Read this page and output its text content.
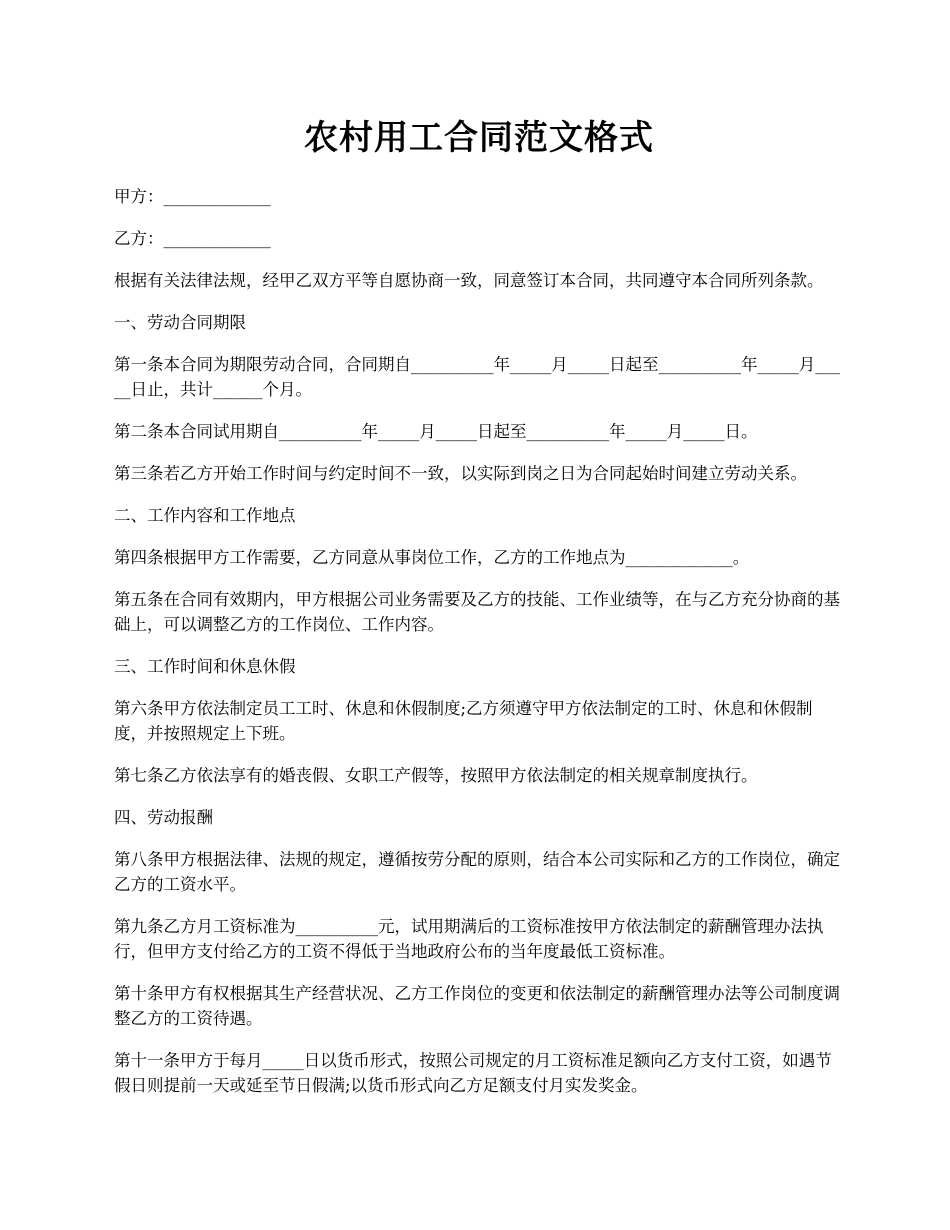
农村用工合同范文格式

甲方：_____________

乙方：_____________

根据有关法律法规，经甲乙双方平等自愿协商一致，同意签订本合同，共同遵守本合同所列条款。

一、劳动合同期限

第一条本合同为期限劳动合同，合同期自__________年_____月_____日起至__________年_____月_____日止，共计______个月。

第二条本合同试用期自__________年_____月_____日起至__________年_____月_____日。

第三条若乙方开始工作时间与约定时间不一致，以实际到岗之日为合同起始时间建立劳动关系。

二、工作内容和工作地点

第四条根据甲方工作需要，乙方同意从事岗位工作，乙方的工作地点为_____________。

第五条在合同有效期内，甲方根据公司业务需要及乙方的技能、工作业绩等，在与乙方充分协商的基础上，可以调整乙方的工作岗位、工作内容。

三、工作时间和休息休假

第六条甲方依法制定员工工时、休息和休假制度;乙方须遵守甲方依法制定的工时、休息和休假制度，并按照规定上下班。

第七条乙方依法享有的婚丧假、女职工产假等，按照甲方依法制定的相关规章制度执行。

四、劳动报酬

第八条甲方根据法律、法规的规定，遵循按劳分配的原则，结合本公司实际和乙方的工作岗位，确定乙方的工资水平。

第九条乙方月工资标准为__________元，试用期满后的工资标准按甲方依法制定的薪酬管理办法执行，但甲方支付给乙方的工资不得低于当地政府公布的当年度最低工资标准。

第十条甲方有权根据其生产经营状况、乙方工作岗位的变更和依法制定的薪酬管理办法等公司制度调整乙方的工资待遇。

第十一条甲方于每月_____日以货币形式，按照公司规定的月工资标准足额向乙方支付工资，如遇节假日则提前一天或延至节日假满;以货币形式向乙方足额支付月实发奖金。
